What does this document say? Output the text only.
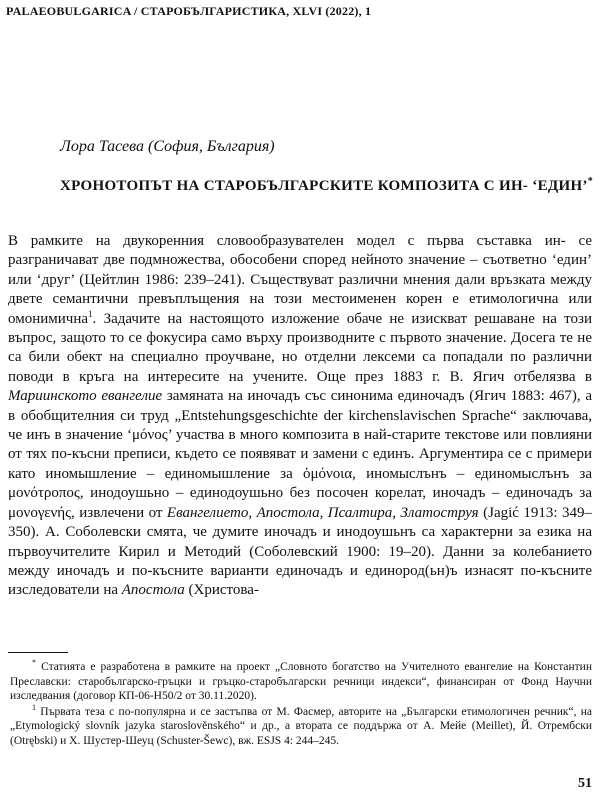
PALAEOBULGARICA / СТАРОБЪЛГАРИСТИКА, XLVI (2022), 1
Лора Тасева (София, България)
ХРОНОТОПЪТ НА СТАРОБЪЛГАРСКИТЕ КОМПОЗИТА С ИН- ‘ЕДИН’*

В рамките на двукоренния словообразувателен модел с първа съставка ин- се разграничават две подмножества, обособени според нейното значение – съответно ‘един’ или ‘друг’ (Цейтлин 1986: 239–241). Съществуват различни мнения дали връзката между двете семантични превъплъщения на този местоименен корен е етимологична или омонимична$^1$. Задачите на настоящото изложение обаче не изискват решаване на този въпрос, защото то се фокусира само върху производните с първото значение. Досега те не са били обект на специално проучване, но отделни лексеми са попадали по различни поводи в кръга на интересите на учените. Още през 1883 г. В. Ягич отбелязва в Мариинското евангелие замяната на иночадъ със синонима единочадъ (Ягич 1883: 467), а в обобщителния си труд „Entstehungsgeschichte der kirchenslavischen Sprache“ заключава, че инъ в значение ‘μόνος’ участва в много композита в най-старите текстове или повлияни от тях по-късни преписи, където се появяват и замени с единъ. Аргументира се с примери като иномышлениe – единомышлениe за ὁμόνοια, иномыслънъ – единомыслънъ за μονότροπος, инодоушьно – единодоушьно без посочен корелат, иночадъ – единочадъ за μονογενής, извлечени от Евангелието, Апостола, Псалтира, Златоструя (Jagić 1913: 349–350). А. Соболевски смята, че думите иночадъ и инодоушьнъ са характерни за езика на първоучителите Кирил и Методий (Соболевский 1900: 19–20). Данни за колебанието между иночадъ и по-късните варианти единочадъ и единород(ьн)ъ изнасят по-късните изследователи на Апостола (Христова-

* Статията е разработена в рамките на проект „Словното богатство на Учителното евангелие на Константин Преславски: старобългарско-гръцки и гръцко-старобългарски речници индекси“, финансиран от Фонд Научни изследвания (договор КП-06-Н50/2 от 30.11.2020).

$^1$ Първата теза с по-популярна и се застъпва от М. Фасмер, авторите на „Български етимологичен речник“, на „Etymologický slovník jazyka staroslověnského“ и др., а втората се поддържа от А. Мейе (Meillet), Й. Отрембски (Otrębski) и Х. Шустер-Шеуц (Schuster-Šewc), вж. ESJS 4: 244–245.

51
